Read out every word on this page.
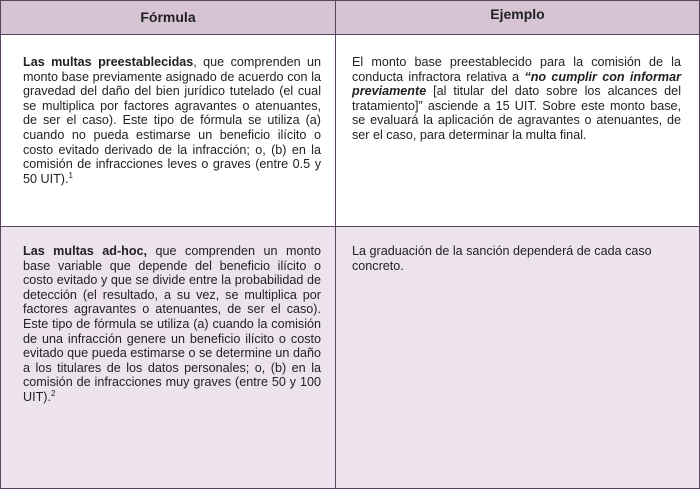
Fórmula	Ejemplo
Las multas preestablecidas, que comprenden un monto base previamente asignado de acuerdo con la gravedad del daño del bien jurídico tutelado (el cual se multiplica por factores agravantes o atenuantes, de ser el caso). Este tipo de fórmula se utiliza (a) cuando no pueda estimarse un beneficio ilícito o costo evitado derivado de la infracción; o, (b) en la comisión de infracciones leves o graves (entre 0.5 y 50 UIT).$^1$
El monto base preestablecido para la comisión de la conducta infractora relativa a “no cumplir con informar previamente [al titular del dato sobre los alcances del tratamiento]” asciende a 15 UIT. Sobre este monto base, se evaluará la aplicación de agravantes o atenuantes, de ser el caso, para determinar la multa final.
Las multas ad-hoc, que comprenden un monto base variable que depende del beneficio ilícito o costo evitado y que se divide entre la probabilidad de detección (el resultado, a su vez, se multiplica por factores agravantes o atenuantes, de ser el caso). Este tipo de fórmula se utiliza (a) cuando la comisión de una infracción genere un beneficio ilícito o costo evitado que pueda estimarse o se determine un daño a los titulares de los datos personales; o, (b) en la comisión de infracciones muy graves (entre 50 y 100 UIT).$^2$
La graduación de la sanción dependerá de cada caso concreto.
